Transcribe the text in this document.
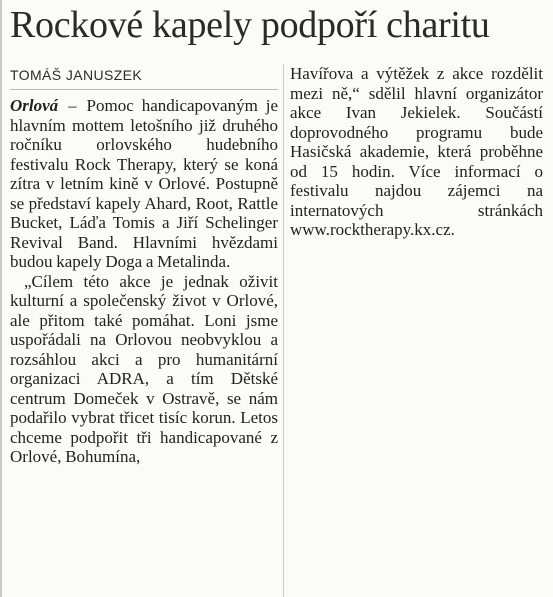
Rockové kapely podpoří charitu
TOMÁŠ JANUSZEK

Orlová – Pomoc handicapovaným je hlavním mottem letošního již druhého ročníku orlovského hudebního festivalu Rock Therapy, který se koná zítra v letním kině v Orlové. Postupně se představí kapely Ahard, Root, Rattle Bucket, Láďa Tomis a Jiří Schelinger Revival Band. Hlavními hvězdami budou kapely Doga a Metalinda.

„Cílem této akce je jednak oživit kulturní a společenský život v Orlové, ale přitom také pomáhat. Loni jsme uspořádali na Orlovou neobvyklou a rozsáhlou akci a pro humanitární organizaci ADRA, a tím Dětské centrum Domeček v Ostravě, se nám podařilo vybrat třicet tisíc korun. Letos chceme podpořit tři handicapované z Orlové, Bohumína,

Havířova a výtěžek z akce rozdělit mezi ně,“ sdělil hlavní organizátor akce Ivan Jekielek. Součástí doprovodného programu bude Hasičská akademie, která proběhne od 15 hodin. Více informací o festivalu najdou zájemci na internatových stránkách www.rocktherapy.kx.cz.
